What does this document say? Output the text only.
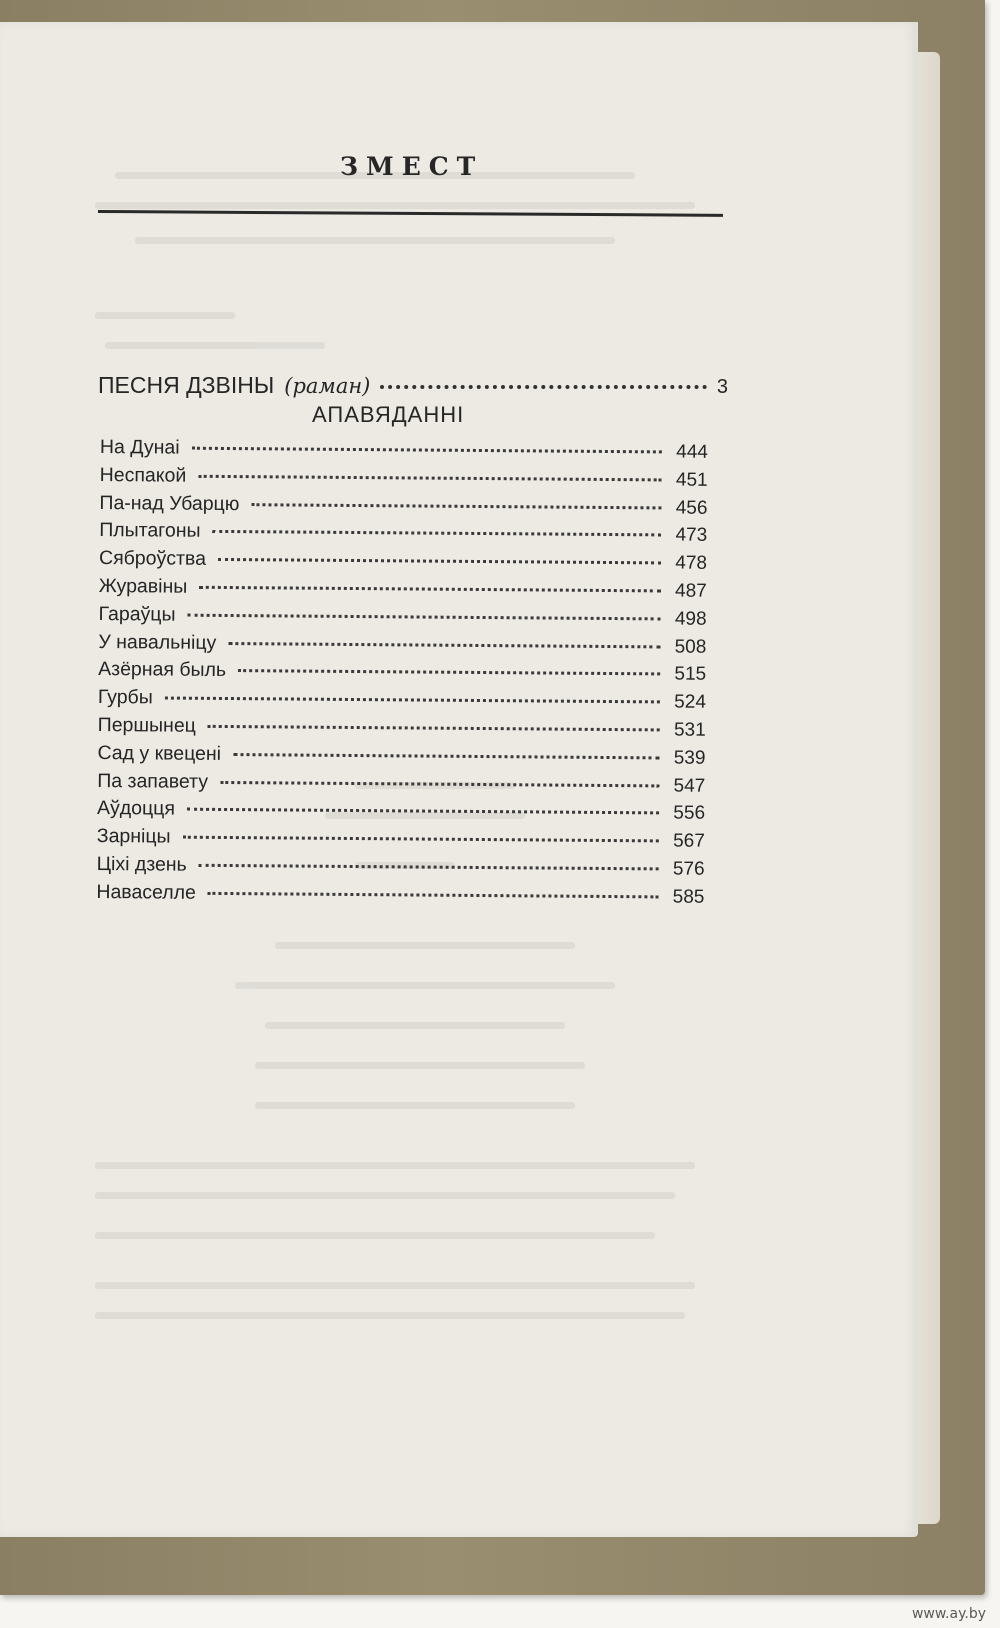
ЗМЕСТ
ПЕСНЯ ДЗВІНЫ (раман)	3
АПАВЯДАННІ
На Дунаі	444
Неспакой	451
Па-над Убарцю	456
Плытагоны	473
Сяброўства	478
Журавіны	487
Гараўцы	498
У навальніцу	508
Азёрная быль	515
Гурбы	524
Першынец	531
Сад у квецені	539
Па запавету	547
Аўдоцця	556
Зарніцы	567
Ціхі дзень	576
Наваселле	585
www.ay.by
